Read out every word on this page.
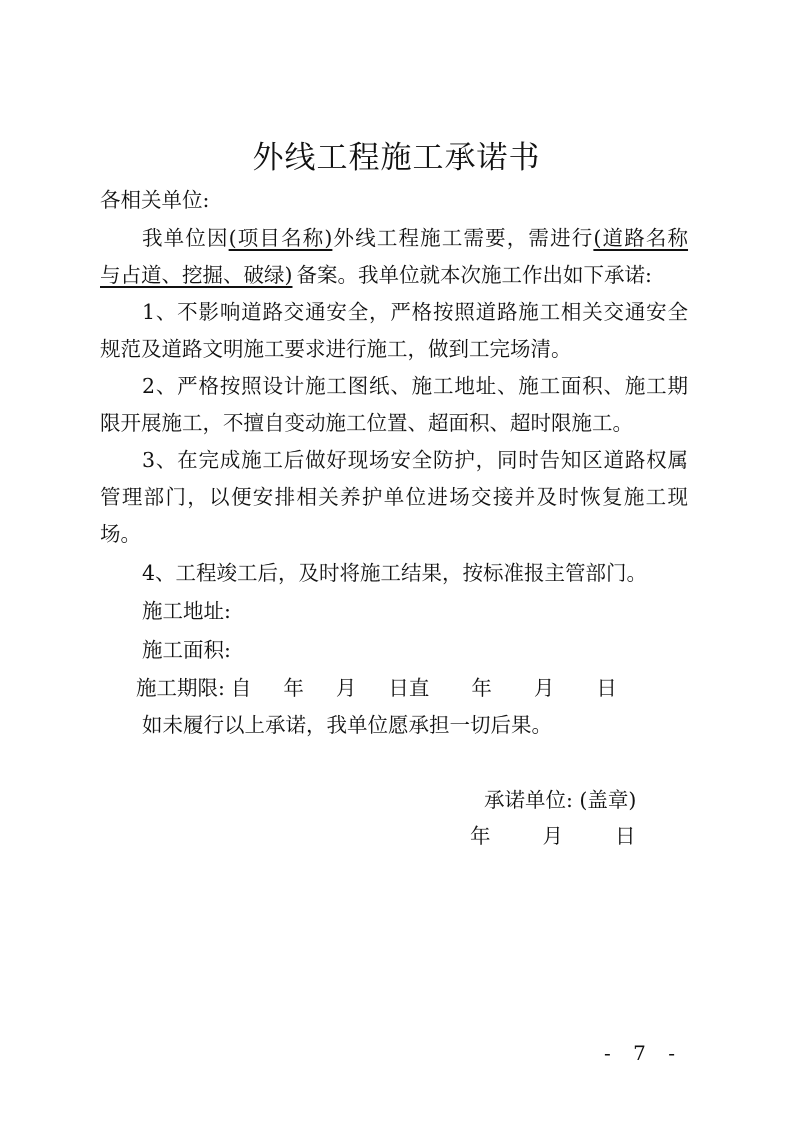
外线工程施工承诺书
各相关单位:
我单位因(项目名称)外线工程施工需要，需进行(道路名称
与占道、挖掘、破绿) 备案。我单位就本次施工作出如下承诺:
1、不影响道路交通安全，严格按照道路施工相关交通安全
规范及道路文明施工要求进行施工，做到工完场清。
2、严格按照设计施工图纸、施工地址、施工面积、施工期
限开展施工，不擅自变动施工位置、超面积、超时限施工。
3、在完成施工后做好现场安全防护，同时告知区道路权属
管理部门，以便安排相关养护单位进场交接并及时恢复施工现
场。
4、工程竣工后，及时将施工结果，按标准报主管部门。
施工地址:
施工面积:
施工期限: 自 年 月 日直 年 月 日
如未履行以上承诺，我单位愿承担一切后果。
承诺单位: (盖章)
年	月	日
- 7 -
